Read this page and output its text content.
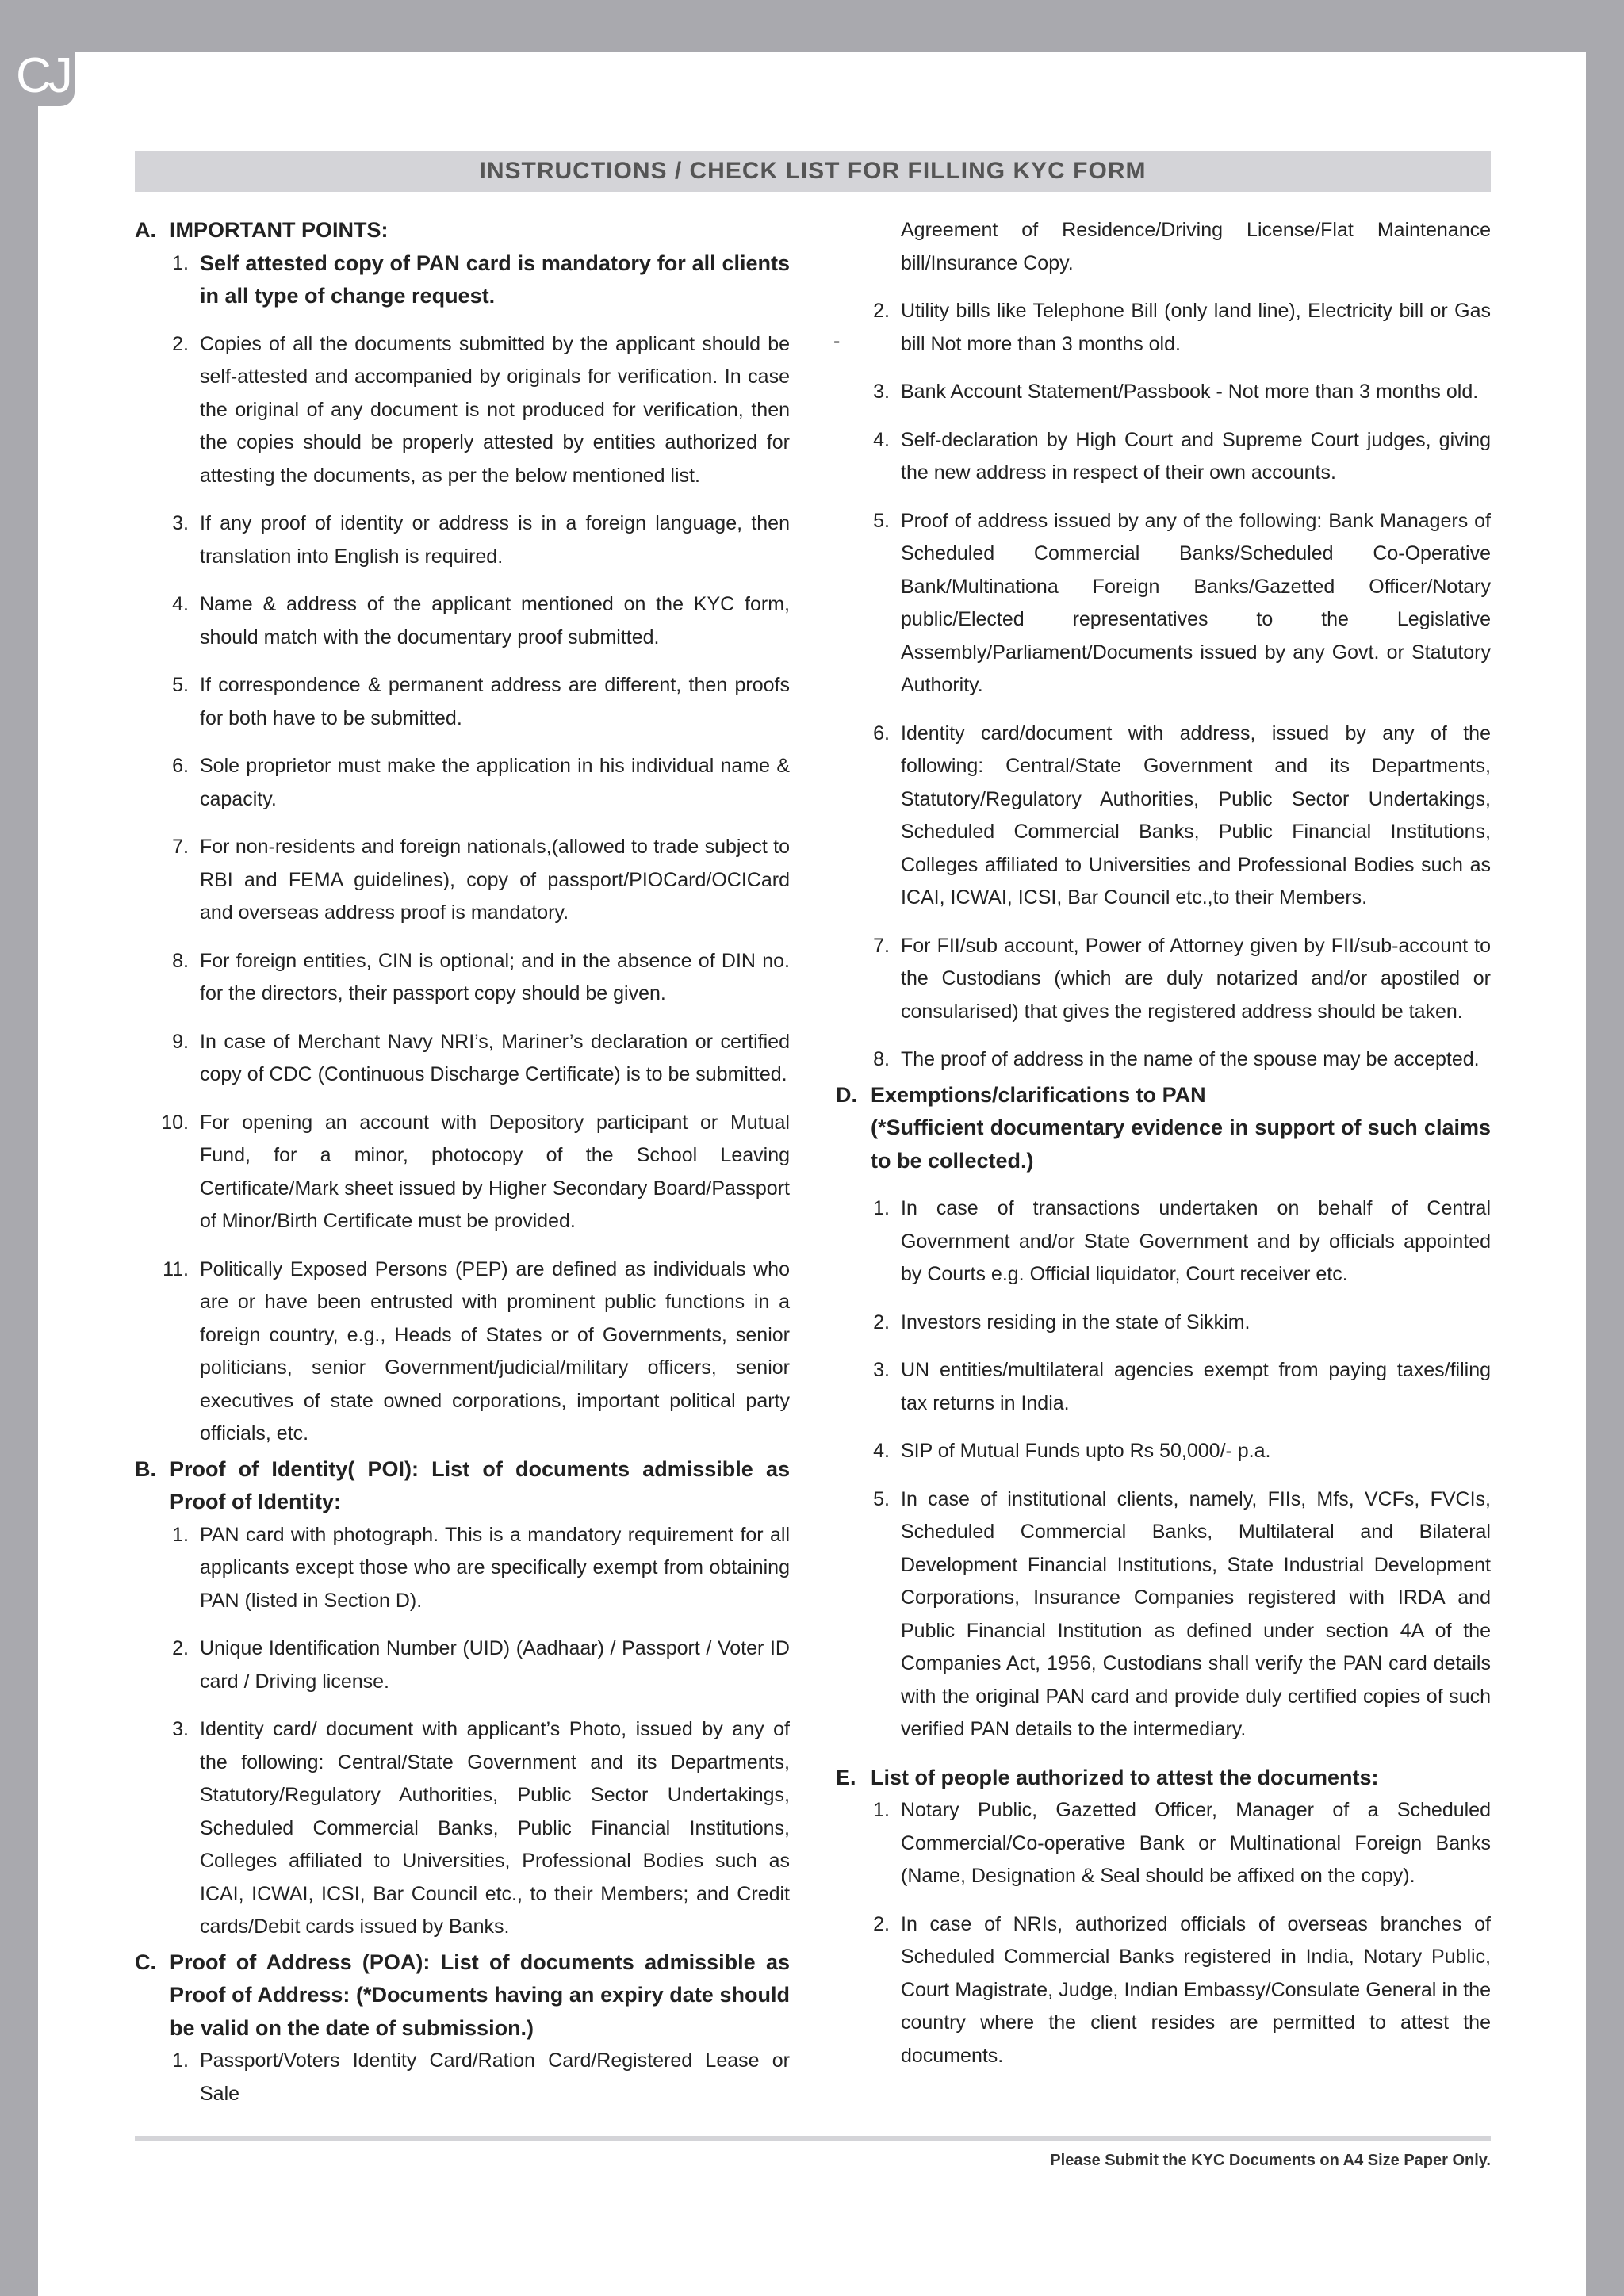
CJ
INSTRUCTIONS / CHECK LIST FOR FILLING KYC FORM
A. IMPORTANT POINTS:
1. Self attested copy of PAN card is mandatory for all clients in all type of change request.
2. Copies of all the documents submitted by the applicant should be self-attested and accompanied by originals for verification. In case the original of any document is not produced for verification, then the copies should be properly attested by entities authorized for attesting the documents, as per the below mentioned list.
3. If any proof of identity or address is in a foreign language, then translation into English is required.
4. Name & address of the applicant mentioned on the KYC form, should match with the documentary proof submitted.
5. If correspondence & permanent address are different, then proofs for both have to be submitted.
6. Sole proprietor must make the application in his individual name & capacity.
7. For non-residents and foreign nationals,(allowed to trade subject to RBI and FEMA guidelines), copy of passport/PIOCard/OCICard and overseas address proof is mandatory.
8. For foreign entities, CIN is optional; and in the absence of DIN no. for the directors, their passport copy should be given.
9. In case of Merchant Navy NRI’s, Mariner’s declaration or certified copy of CDC (Continuous Discharge Certificate) is to be submitted.
10. For opening an account with Depository participant or Mutual Fund, for a minor, photocopy of the School Leaving Certificate/Mark sheet issued by Higher Secondary Board/Passport of Minor/Birth Certificate must be provided.
11. Politically Exposed Persons (PEP) are defined as individuals who are or have been entrusted with prominent public functions in a foreign country, e.g., Heads of States or of Governments, senior politicians, senior Government/judicial/military officers, senior executives of state owned corporations, important political party officials, etc.
B. Proof of Identity( POI): List of documents admissible as Proof of Identity:
1. PAN card with photograph. This is a mandatory requirement for all applicants except those who are specifically exempt from obtaining PAN (listed in Section D).
2. Unique Identification Number (UID) (Aadhaar) / Passport / Voter ID card / Driving license.
3. Identity card/ document with applicant’s Photo, issued by any of the following: Central/State Government and its Departments, Statutory/Regulatory Authorities, Public Sector Undertakings, Scheduled Commercial Banks, Public Financial Institutions, Colleges affiliated to Universities, Professional Bodies such as ICAI, ICWAI, ICSI, Bar Council etc., to their Members; and Credit cards/Debit cards issued by Banks.
C. Proof of Address (POA): List of documents admissible as Proof of Address: (*Documents having an expiry date should be valid on the date of submission.)
1. Passport/Voters Identity Card/Ration Card/Registered Lease or Sale
-
Agreement of Residence/Driving License/Flat Maintenance bill/Insurance Copy.
2. Utility bills like Telephone Bill (only land line), Electricity bill or Gas bill Not more than 3 months old.
3. Bank Account Statement/Passbook - Not more than 3 months old.
4. Self-declaration by High Court and Supreme Court judges, giving the new address in respect of their own accounts.
5. Proof of address issued by any of the following: Bank Managers of Scheduled Commercial Banks/Scheduled Co-Operative Bank/Multinationa Foreign Banks/Gazetted Officer/Notary public/Elected representatives to the Legislative Assembly/Parliament/Documents issued by any Govt. or Statutory Authority.
6. Identity card/document with address, issued by any of the following: Central/State Government and its Departments, Statutory/Regulatory Authorities, Public Sector Undertakings, Scheduled Commercial Banks, Public Financial Institutions, Colleges affiliated to Universities and Professional Bodies such as ICAI, ICWAI, ICSI, Bar Council etc.,to their Members.
7. For FII/sub account, Power of Attorney given by FII/sub-account to the Custodians (which are duly notarized and/or apostiled or consularised) that gives the registered address should be taken.
8. The proof of address in the name of the spouse may be accepted.
D. Exemptions/clarifications to PAN
(*Sufficient documentary evidence in support of such claims to be collected.)
1. In case of transactions undertaken on behalf of Central Government and/or State Government and by officials appointed by Courts e.g. Official liquidator, Court receiver etc.
2. Investors residing in the state of Sikkim.
3. UN entities/multilateral agencies exempt from paying taxes/filing tax returns in India.
4. SIP of Mutual Funds upto Rs 50,000/- p.a.
5. In case of institutional clients, namely, FIIs, Mfs, VCFs, FVCIs, Scheduled Commercial Banks, Multilateral and Bilateral Development Financial Institutions, State Industrial Development Corporations, Insurance Companies registered with IRDA and Public Financial Institution as defined under section 4A of the Companies Act, 1956, Custodians shall verify the PAN card details with the original PAN card and provide duly certified copies of such verified PAN details to the intermediary.
E. List of people authorized to attest the documents:
1. Notary Public, Gazetted Officer, Manager of a Scheduled Commercial/Co-operative Bank or Multinational Foreign Banks (Name, Designation & Seal should be affixed on the copy).
2. In case of NRIs, authorized officials of overseas branches of Scheduled Commercial Banks registered in India, Notary Public, Court Magistrate, Judge, Indian Embassy/Consulate General in the country where the client resides are permitted to attest the documents.
Please Submit the KYC Documents on A4 Size Paper Only.
